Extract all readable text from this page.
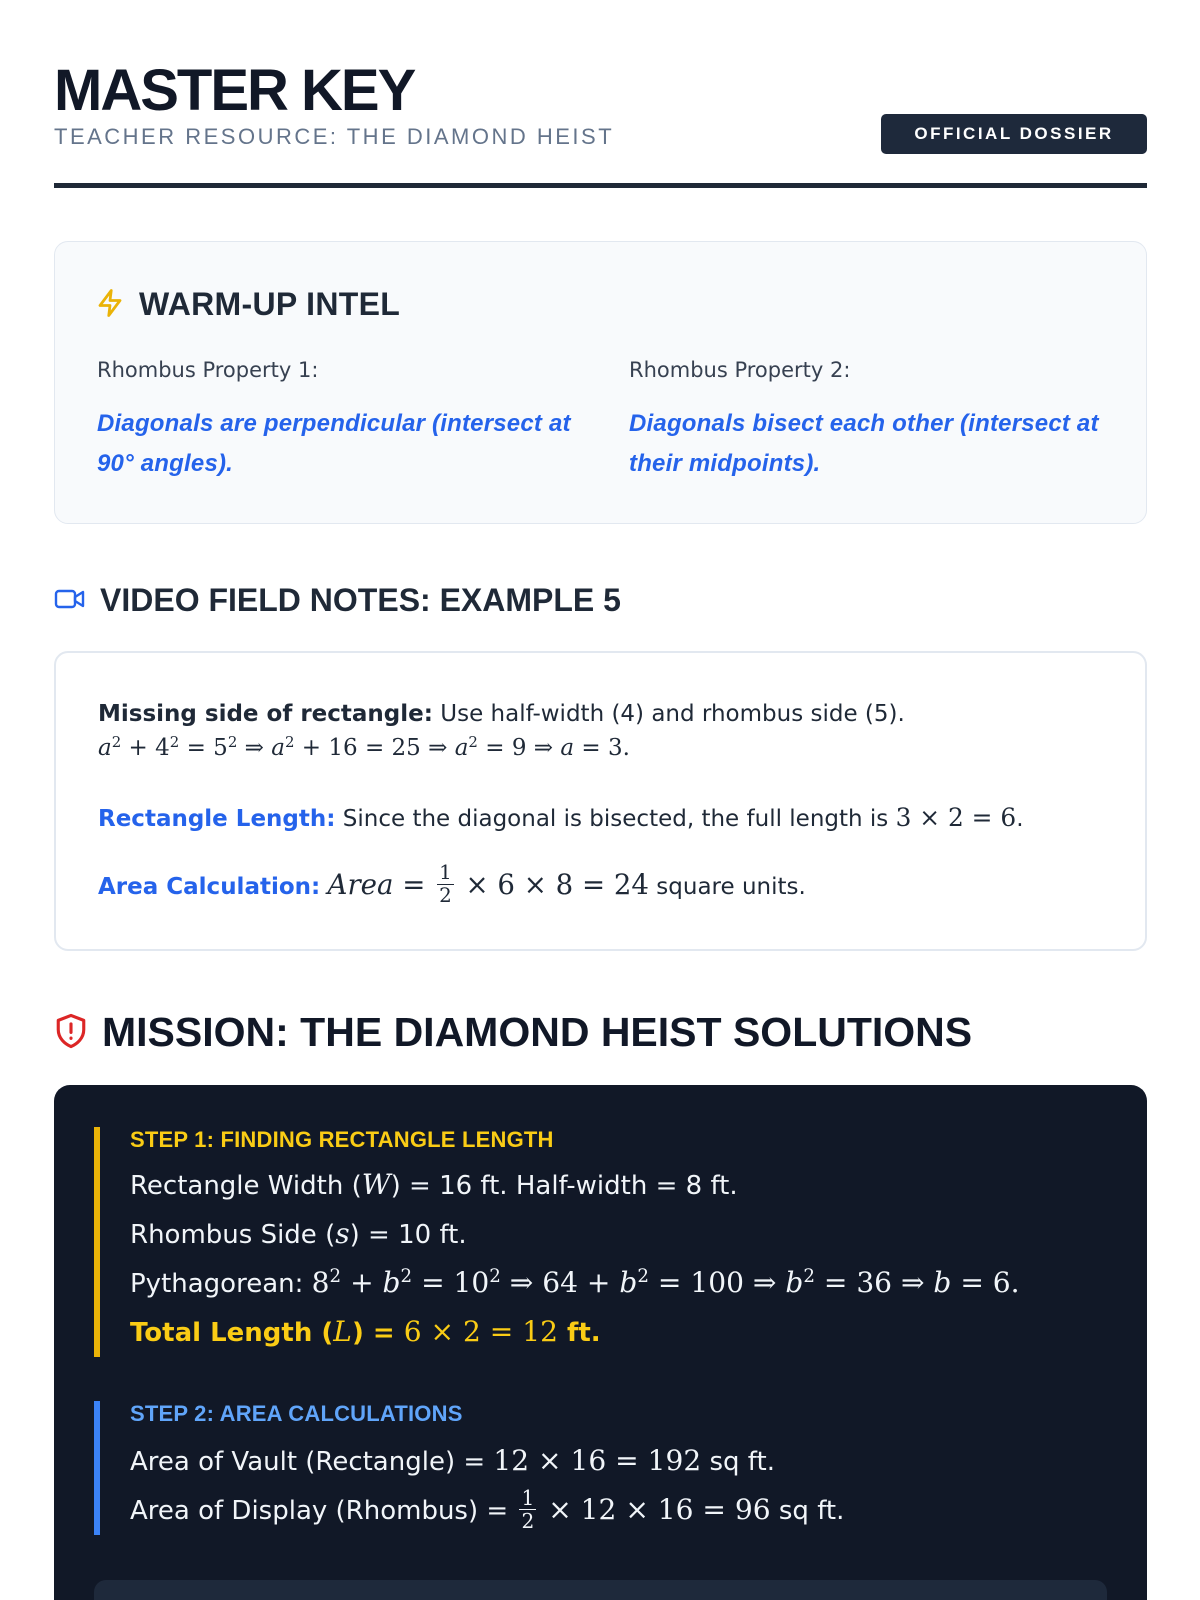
MASTER KEY
TEACHER RESOURCE: THE DIAMOND HEIST	OFFICIAL DOSSIER
WARM-UP INTEL
Rhombus Property 1:
Diagonals are perpendicular (intersect at 90° angles).
Rhombus Property 2:
Diagonals bisect each other (intersect at their midpoints).
VIDEO FIELD NOTES: EXAMPLE 5
Missing side of rectangle: Use half-width (4) and rhombus side (5).
$a^2 + 4^2 = 5^2$ ⇒ $a^2 + 16 = 25$ ⇒ $a^2 = 9$ ⇒ a = 3.
Rectangle Length: Since the diagonal is bisected, the full length is 3 × 2 = 6.
Area Calculation: Area = $\frac{1}{2} \times 6 \times 8 = 24$ square units.
MISSION: THE DIAMOND HEIST SOLUTIONS
STEP 1: FINDING RECTANGLE LENGTH
Rectangle Width (W) = 16 ft. Half-width = 8 ft.
Rhombus Side (s) = 10 ft.
Pythagorean: $8^2 + b^2 = 10^2$ ⇒ $64 + b^2 = 100$ ⇒ $b^2 = 36$ ⇒ b = 6.
Total Length (L) = 6 × 2 = 12 ft.
STEP 2: AREA CALCULATIONS
Area of Vault (Rectangle) = 12 × 16 = 192 sq ft.
Area of Display (Rhombus) = $\frac{1}{2} \times 12 \times 16 = 96$ sq ft.
